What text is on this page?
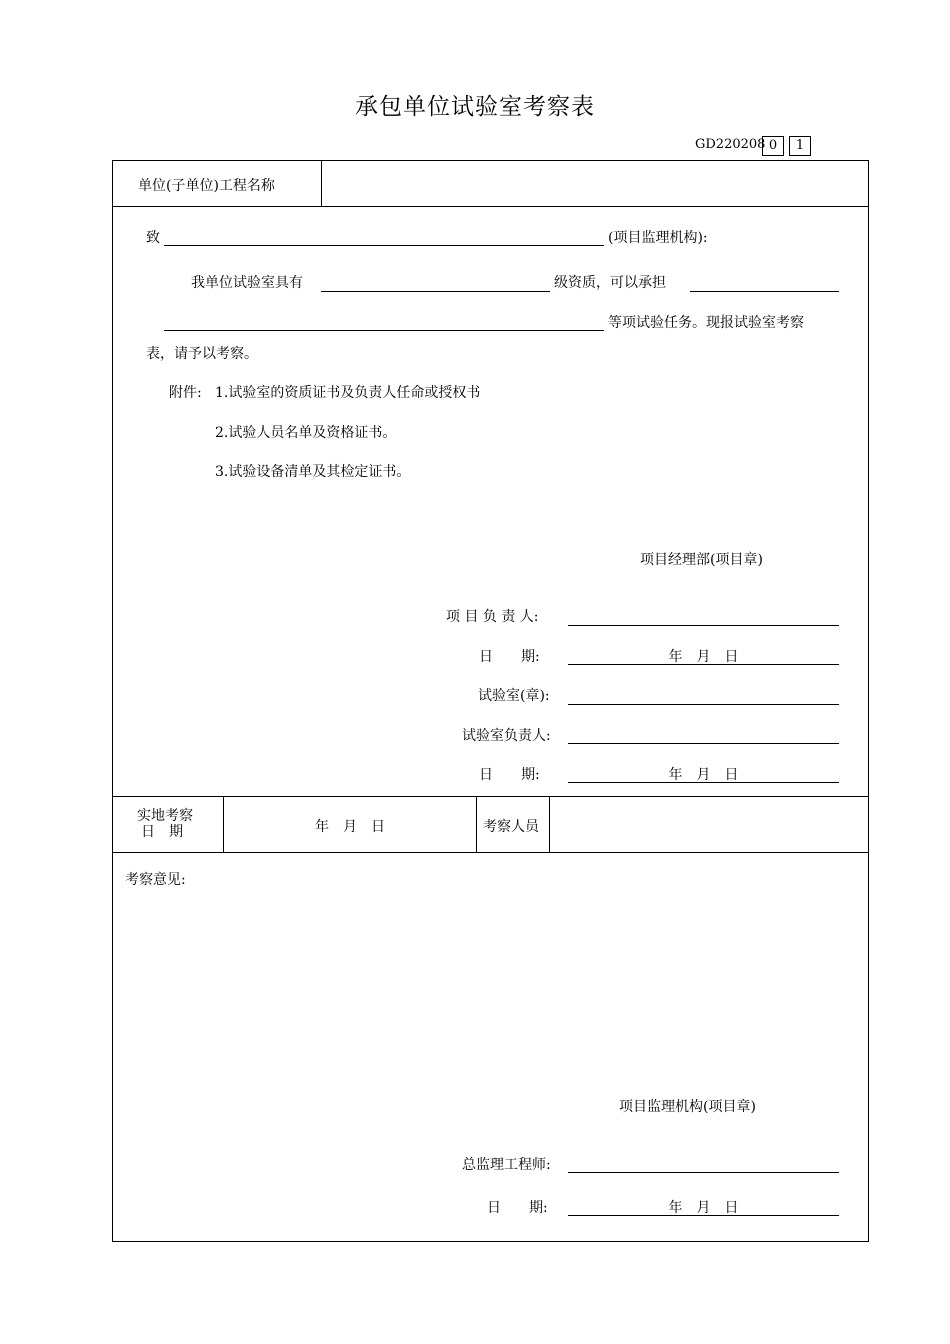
承包单位试验室考察表
GD220208 0	1
单位(子单位)工程名称
致	(项目监理机构):
我单位试验室具有	级资质，可以承担
等项试验任务。现报试验室考察
表，请予以考察。
附件: 1.试验室的资质证书及负责人任命或授权书
2.试验人员名单及资格证书。
3.试验设备清单及其检定证书。
项目经理部(项目章)
项 目 负 责 人:
日　　期:	年　月　日
试验室(章):
试验室负责人:
日　　期:	年　月　日
实地考察
日　期	年　月　日	考察人员
考察意见:
项目监理机构(项目章)
总监理工程师:
日　　期:	年　月　日
